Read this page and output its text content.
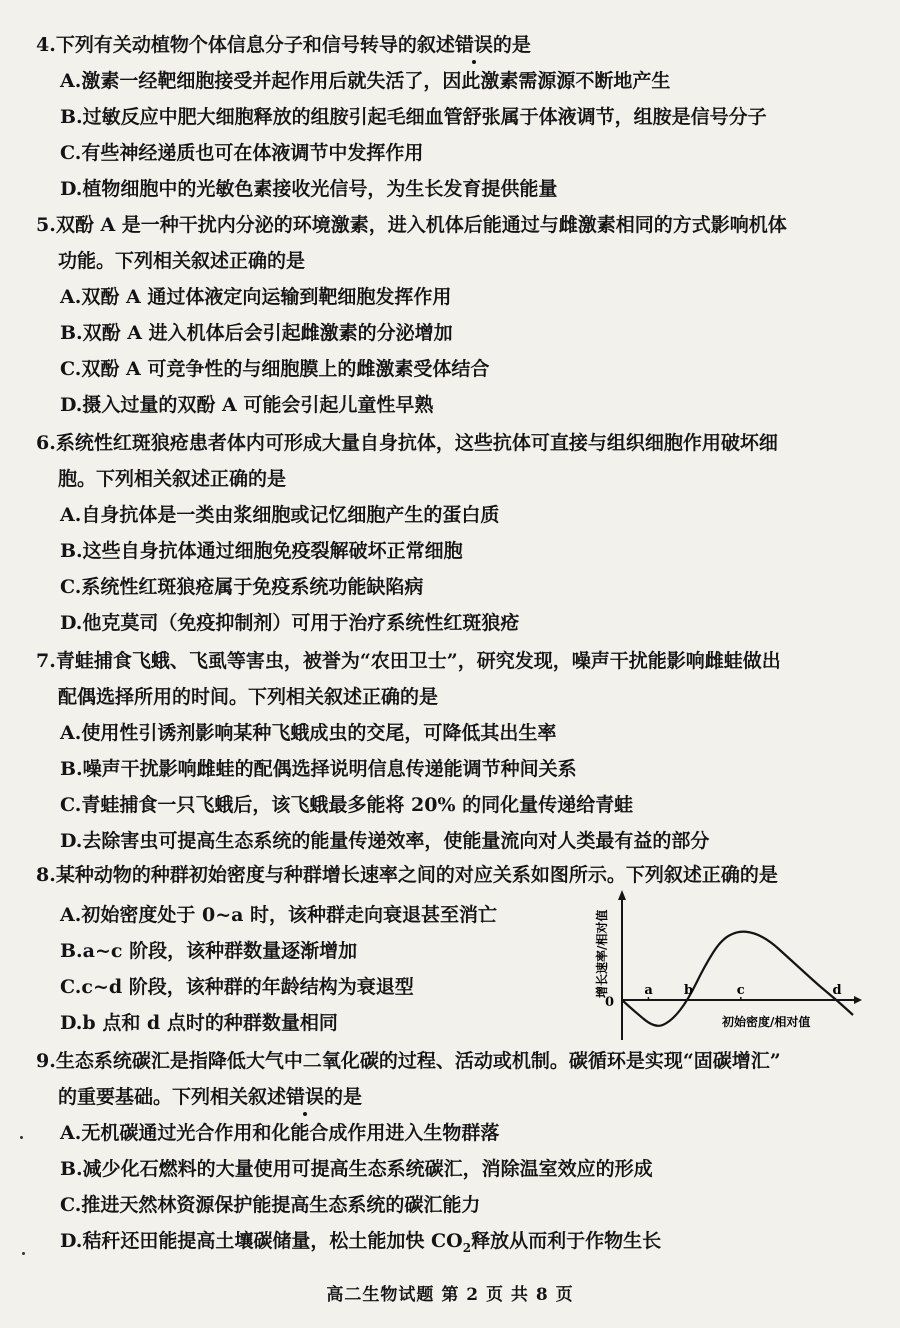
4.下列有关动植物个体信息分子和信号转导的叙述错误的是
A.激素一经靶细胞接受并起作用后就失活了，因此激素需源源不断地产生
B.过敏反应中肥大细胞释放的组胺引起毛细血管舒张属于体液调节，组胺是信号分子
C.有些神经递质也可在体液调节中发挥作用
D.植物细胞中的光敏色素接收光信号，为生长发育提供能量
5.双酚 A 是一种干扰内分泌的环境激素，进入机体后能通过与雌激素相同的方式影响机体
功能。下列相关叙述正确的是
A.双酚 A 通过体液定向运输到靶细胞发挥作用
B.双酚 A 进入机体后会引起雌激素的分泌增加
C.双酚 A 可竞争性的与细胞膜上的雌激素受体结合
D.摄入过量的双酚 A 可能会引起儿童性早熟
6.系统性红斑狼疮患者体内可形成大量自身抗体，这些抗体可直接与组织细胞作用破坏细
胞。下列相关叙述正确的是
A.自身抗体是一类由浆细胞或记忆细胞产生的蛋白质
B.这些自身抗体通过细胞免疫裂解破坏正常细胞
C.系统性红斑狼疮属于免疫系统功能缺陷病
D.他克莫司（免疫抑制剂）可用于治疗系统性红斑狼疮
7.青蛙捕食飞蛾、飞虱等害虫，被誉为“农田卫士”，研究发现，噪声干扰能影响雌蛙做出
配偶选择所用的时间。下列相关叙述正确的是
A.使用性引诱剂影响某种飞蛾成虫的交尾，可降低其出生率
B.噪声干扰影响雌蛙的配偶选择说明信息传递能调节种间关系
C.青蛙捕食一只飞蛾后，该飞蛾最多能将 20% 的同化量传递给青蛙
D.去除害虫可提高生态系统的能量传递效率，使能量流向对人类最有益的部分
8.某种动物的种群初始密度与种群增长速率之间的对应关系如图所示。下列叙述正确的是
A.初始密度处于 0~a 时，该种群走向衰退甚至消亡
B.a~c 阶段，该种群数量逐渐增加
C.c~d 阶段，该种群的年龄结构为衰退型
D.b 点和 d 点时的种群数量相同
0
增长速率/相对值
初始密度/相对值
a b	c	d
9.生态系统碳汇是指降低大气中二氧化碳的过程、活动或机制。碳循环是实现“固碳增汇”
的重要基础。下列相关叙述错误的是
A.无机碳通过光合作用和化能合成作用进入生物群落
B.减少化石燃料的大量使用可提高生态系统碳汇，消除温室效应的形成
C.推进天然林资源保护能提高生态系统的碳汇能力
D.秸秆还田能提高土壤碳储量，松土能加快 $CO_2$释放从而利于作物生长
高二生物试题 第 2 页 共 8 页
